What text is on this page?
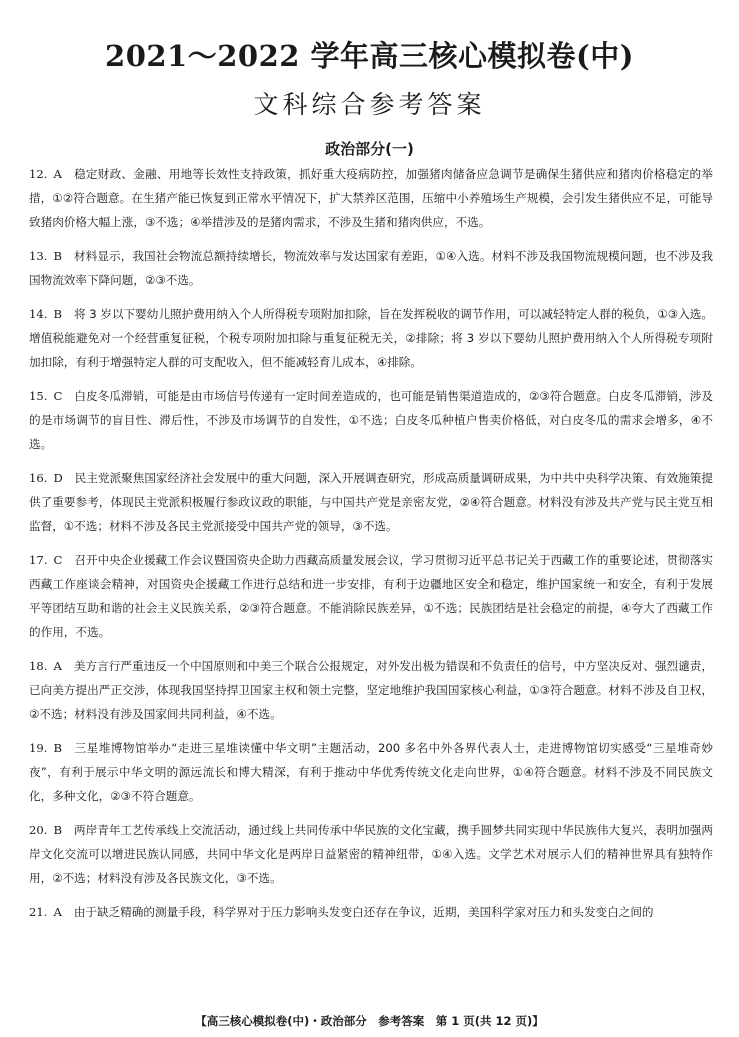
2021～2022 学年高三核心模拟卷(中)
文科综合参考答案
政治部分(一)
12. A 稳定财政、金融、用地等长效性支持政策，抓好重大疫病防控，加强猪肉储备应急调节是确保生猪供应和猪肉价格稳定的举措，①②符合题意。在生猪产能已恢复到正常水平情况下，扩大禁养区范围，压缩中小养殖场生产规模，会引发生猪供应不足，可能导致猪肉价格大幅上涨，③不选；④举措涉及的是猪肉需求，不涉及生猪和猪肉供应，不选。
13. B 材料显示，我国社会物流总额持续增长，物流效率与发达国家有差距，①④入选。材料不涉及我国物流规模问题，也不涉及我国物流效率下降问题，②③不选。
14. B 将 3 岁以下婴幼儿照护费用纳入个人所得税专项附加扣除，旨在发挥税收的调节作用，可以减轻特定人群的税负，①③入选。增值税能避免对一个经营重复征税，个税专项附加扣除与重复征税无关，②排除；将 3 岁以下婴幼儿照护费用纳入个人所得税专项附加扣除，有利于增强特定人群的可支配收入，但不能减轻育儿成本，④排除。
15. C 白皮冬瓜滞销，可能是由市场信号传递有一定时间差造成的，也可能是销售渠道造成的，②③符合题意。白皮冬瓜滞销，涉及的是市场调节的盲目性、滞后性，不涉及市场调节的自发性，①不选；白皮冬瓜种植户售卖价格低，对白皮冬瓜的需求会增多，④不选。
16. D 民主党派聚焦国家经济社会发展中的重大问题，深入开展调查研究，形成高质量调研成果，为中共中央科学决策、有效施策提供了重要参考，体现民主党派积极履行参政议政的职能，与中国共产党是亲密友党，②④符合题意。材料没有涉及共产党与民主党互相监督，①不选；材料不涉及各民主党派接受中国共产党的领导，③不选。
17. C 召开中央企业援藏工作会议暨国资央企助力西藏高质量发展会议，学习贯彻习近平总书记关于西藏工作的重要论述，贯彻落实西藏工作座谈会精神，对国资央企援藏工作进行总结和进一步安排，有利于边疆地区安全和稳定，维护国家统一和安全，有利于发展平等团结互助和谐的社会主义民族关系，②③符合题意。不能消除民族差异，①不选；民族团结是社会稳定的前提，④夸大了西藏工作的作用，不选。
18. A 美方言行严重违反一个中国原则和中美三个联合公报规定，对外发出极为错误和不负责任的信号，中方坚决反对、强烈谴责，已向美方提出严正交涉，体现我国坚持捍卫国家主权和领土完整，坚定地维护我国国家核心利益，①③符合题意。材料不涉及自卫权，②不选；材料没有涉及国家间共同利益，④不选。
19. B 三星堆博物馆举办“走进三星堆读懂中华文明”主题活动，200 多名中外各界代表人士，走进博物馆切实感受“三星堆奇妙夜”，有利于展示中华文明的源远流长和博大精深，有利于推动中华优秀传统文化走向世界，①④符合题意。材料不涉及不同民族文化，多种文化，②③不符合题意。
20. B 两岸青年工艺传承线上交流活动，通过线上共同传承中华民族的文化宝藏，携手圆梦共同实现中华民族伟大复兴，表明加强两岸文化交流可以增进民族认同感，共同中华文化是两岸日益紧密的精神纽带，①④入选。文学艺术对展示人们的精神世界具有独特作用，②不选；材料没有涉及各民族文化，③不选。
21. A 由于缺乏精确的测量手段，科学界对于压力影响头发变白还存在争议，近期，美国科学家对压力和头发变白之间的
【高三核心模拟卷(中)・政治部分　参考答案　第 1 页(共 12 页)】
